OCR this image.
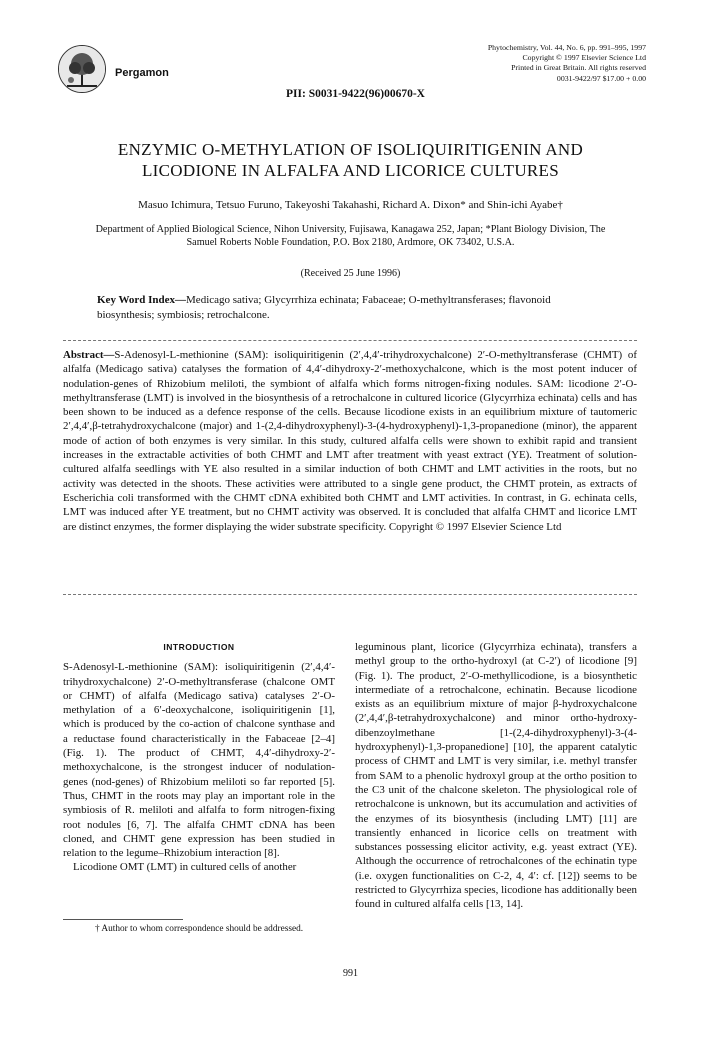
Pergamon
Phytochemistry, Vol. 44, No. 6, pp. 991–995, 1997
Copyright © 1997 Elsevier Science Ltd
Printed in Great Britain. All rights reserved
0031-9422/97 $17.00 + 0.00
PII: S0031-9422(96)00670-X
ENZYMIC O-METHYLATION OF ISOLIQUIRITIGENIN AND
LICODIONE IN ALFALFA AND LICORICE CULTURES
Masuo Ichimura, Tetsuo Furuno, Takeyoshi Takahashi, Richard A. Dixon* and Shin-ichi Ayabe†
Department of Applied Biological Science, Nihon University, Fujisawa, Kanagawa 252, Japan; *Plant Biology Division, The Samuel Roberts Noble Foundation, P.O. Box 2180, Ardmore, OK 73402, U.S.A.
(Received 25 June 1996)
Key Word Index—Medicago sativa; Glycyrrhiza echinata; Fabaceae; O-methyltransferases; flavonoid biosynthesis; symbiosis; retrochalcone.

Abstract—S-Adenosyl-L-methionine (SAM): isoliquiritigenin (2′,4,4′-trihydroxychalcone) 2′-O-methyltransferase (CHMT) of alfalfa (Medicago sativa) catalyses the formation of 4,4′-dihydroxy-2′-methoxychalcone, which is the most potent inducer of nodulation-genes of Rhizobium meliloti, the symbiont of alfalfa which forms nitrogen-fixing nodules. SAM: licodione 2′-O-methyltransferase (LMT) is involved in the biosynthesis of a retrochalcone in cultured licorice (Glycyrrhiza echinata) cells and has been shown to be induced as a defence response of the cells. Because licodione exists in an equilibrium mixture of tautomeric 2′,4,4′,β-tetrahydroxychalcone (major) and 1-(2,4-dihydroxyphenyl)-3-(4-hydroxyphenyl)-1,3-propanedione (minor), the apparent mode of action of both enzymes is very similar. In this study, cultured alfalfa cells were shown to exhibit rapid and transient increases in the extractable activities of both CHMT and LMT after treatment with yeast extract (YE). Treatment of solution-cultured alfalfa seedlings with YE also resulted in a similar induction of both CHMT and LMT activities in the roots, but no activity was detected in the shoots. These activities were attributed to a single gene product, the CHMT protein, as extracts of Escherichia coli transformed with the CHMT cDNA exhibited both CHMT and LMT activities. In contrast, in G. echinata cells, LMT was induced after YE treatment, but no CHMT activity was observed. It is concluded that alfalfa CHMT and licorice LMT are distinct enzymes, the former displaying the wider substrate specificity. Copyright © 1997 Elsevier Science Ltd

INTRODUCTION

S-Adenosyl-L-methionine (SAM): isoliquiritigenin (2′,4,4′-trihydroxychalcone) 2′-O-methyltransferase (chalcone OMT or CHMT) of alfalfa (Medicago sativa) catalyses 2′-O-methylation of a 6′-deoxychalcone, isoliquiritigenin [1], which is produced by the co-action of chalcone synthase and a reductase found characteristically in the Fabaceae [2–4] (Fig. 1). The product of CHMT, 4,4′-dihydroxy-2′-methoxychalcone, is the strongest inducer of nodulation-genes (nod-genes) of Rhizobium meliloti so far reported [5]. Thus, CHMT in the roots may play an important role in the symbiosis of R. meliloti and alfalfa to form nitrogen-fixing root nodules [6, 7]. The alfalfa CHMT cDNA has been cloned, and CHMT gene expression has been studied in relation to the legume–Rhizobium interaction [8].

Licodione OMT (LMT) in cultured cells of another

leguminous plant, licorice (Glycyrrhiza echinata), transfers a methyl group to the ortho-hydroxyl (at C-2′) of licodione [9] (Fig. 1). The product, 2′-O-methyllicodione, is a biosynthetic intermediate of a retrochalcone, echinatin. Because licodione exists as an equilibrium mixture of major β-hydroxychalcone (2′,4,4′,β-tetrahydroxychalcone) and minor ortho-hydroxy-dibenzoylmethane [1-(2,4-dihydroxyphenyl)-3-(4-hydroxyphenyl)-1,3-propanedione] [10], the apparent catalytic process of CHMT and LMT is very similar, i.e. methyl transfer from SAM to a phenolic hydroxyl group at the ortho position to the C3 unit of the chalcone skeleton. The physiological role of retrochalcone is unknown, but its accumulation and activities of the enzymes of its biosynthesis (including LMT) [11] are transiently enhanced in licorice cells on treatment with substances possessing elicitor activity, e.g. yeast extract (YE). Although the occurrence of retrochalcones of the echinatin type (i.e. oxygen functionalities on C-2, 4, 4′: cf. [12]) seems to be restricted to Glycyrrhiza species, licodione has additionally been found in cultured alfalfa cells [13, 14].

† Author to whom correspondence should be addressed.
991
